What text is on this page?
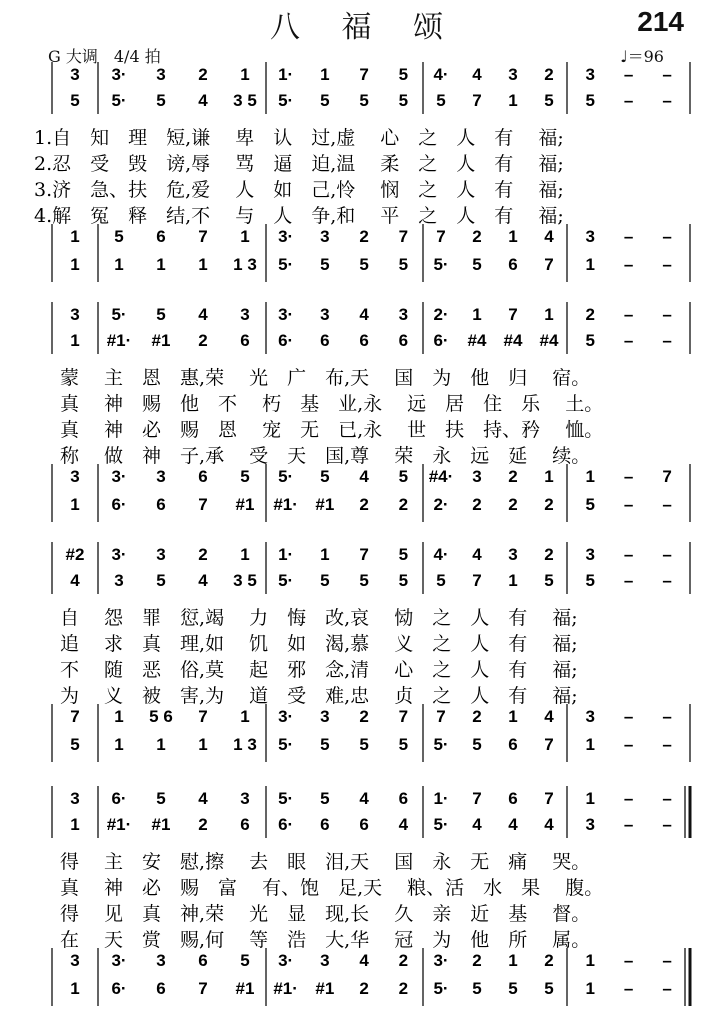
八 福 颂	214
G 大调　4/4 拍	♩＝96
3 3· 3 2 1 1· 1 7 5 4· 4 3 2 3 – –
5 5· 5 4 3 5 5· 5 5 5 5 7 1 5 5 – –
1 5 6 7 1 3· 3 2 7 7 2 1 4 3 – –
1 1 1 1 1 3 5· 5 5 5 5· 5 6 7 1 – –
1.自　知　理　短,谦　 卑　认　过,虚　 心　之　人　有　 福;
2.忍　受　毁　谤,辱　 骂　逼　迫,温　 柔　之　人　有　 福;
3.济　急、扶　危,爱　 人　如　己,怜　 悯　之　人　有　 福;
4.解　冤　释　结,不　 与　人　争,和　 平　之　人　有　 福;
3 5· 5 4 3 3· 3 4 3 2· 1 7 1 2 – –
1 #1· #1 2 6 6· 6 6 6 6· #4 #4 #4 5 – –
3 3· 3 6 5 5· 5 4 5 #4· 3 2 1 1 – 7
1 6· 6 7 #1 #1· #1 2 2 2· 2 2 2 5 – –
蒙　 主　恩　惠,荣　 光　广　布,天　 国　为　他　归　 宿。
真　 神　赐　他　不　 朽　基　业,永　 远　居　住　乐　 土。
真　 神　必　赐　恩　 宠　无　已,永　 世　扶　持、矜　 恤。
称　 做　神　子,承　 受　天　国,尊　 荣　永　远　延　 续。
#2 3· 3 2 1 1· 1 7 5 4· 4 3 2 3 – –
4 3 5 4 3 5 5· 5 5 5 5 7 1 5 5 – –
7 1 5 6 7 1 3· 3 2 7 7 2 1 4 3 – –
5 1 1 1 1 3 5· 5 5 5 5· 5 6 7 1 – –
自　 怨　罪　愆,竭　 力　悔　改,哀　 恸　之　人　有　 福;
追　 求　真　理,如　 饥　如　渴,慕　 义　之　人　有　 福;
不　 随　恶　俗,莫　 起　邪　念,清　 心　之　人　有　 福;
为　 义　被　害,为　 道　受　难,忠　 贞　之　人　有　 福;
3 6· 5 4 3 5· 5 4 6 1· 7 6 7 1 – –
1 #1· #1 2 6 6· 6 6 4 5· 4 4 4 3 – –
3 3· 3 6 5 3· 3 4 2 3· 2 1 2 1 – –
1 6· 6 7 #1 #1· #1 2 2 5· 5 5 5 1 – –
得　 主　安　慰,擦　 去　眼　泪,天　 国　永　无　痛　 哭。
真　 神　必　赐　富　 有、饱　足,天　 粮、活　水　果　 腹。
得　 见　真　神,荣　 光　显　现,长　 久　亲　近　基　 督。
在　 天　赏　赐,何　 等　浩　大,华　 冠　为　他　所　 属。
